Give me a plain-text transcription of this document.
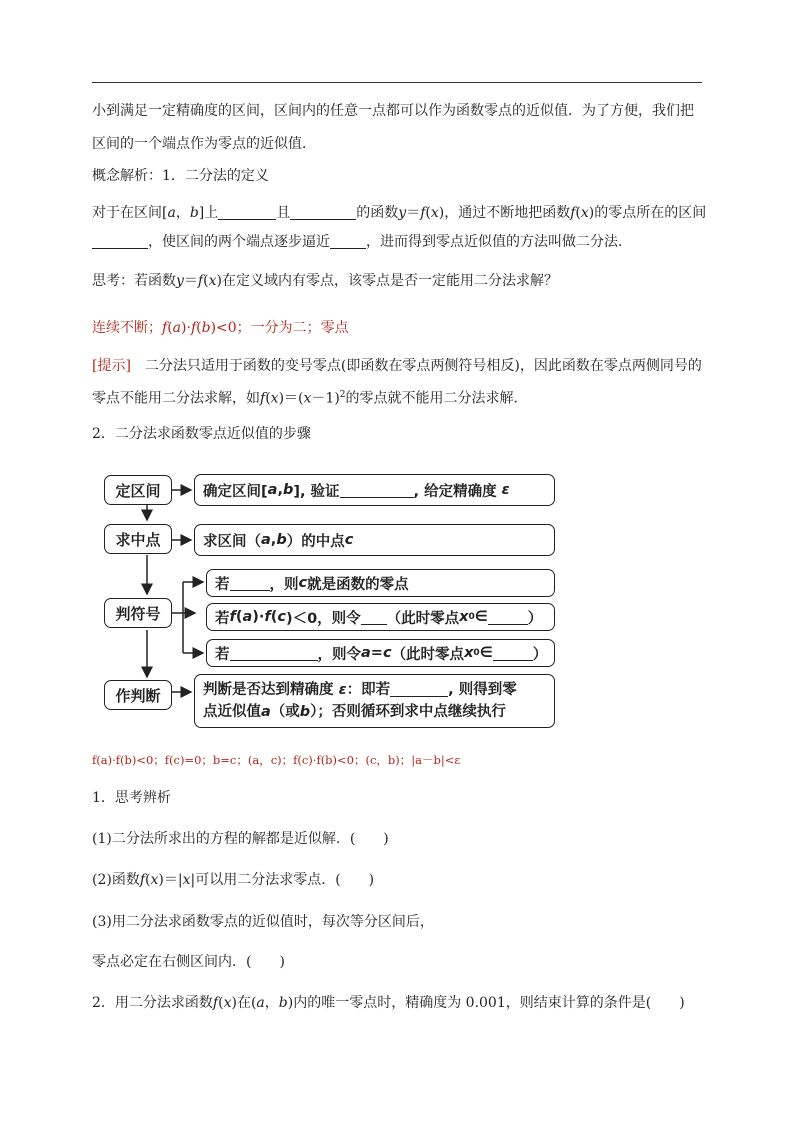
小到满足一定精确度的区间，区间内的任意一点都可以作为函数零点的近似值．为了方便，我们把
区间的一个端点作为零点的近似值．
概念解析：1．二分法的定义
对于在区间[a，b]上	且	的函数y＝f(x)，通过不断地把函数f(x)的零点所在的区间
，使区间的两个端点逐步逼近	，进而得到零点近似值的方法叫做二分法．
思考：若函数y＝f(x)在定义域内有零点，该零点是否一定能用二分法求解？
连续不断；f(a)·f(b)<0；一分为二；零点
[提示]　二分法只适用于函数的变号零点(即函数在零点两侧符号相反)，因此函数在零点两侧同号的
零点不能用二分法求解，如$f(x)=(x-1)^2$的零点就不能用二分法求解．
2．二分法求函数零点近似值的步骤
定区间
求中点
判符号
作判断
确定区间[ a , b ], 验证	, 给定精确度
ε
求区间（ a , b ）的中点 c
若	，则 c 就是函数的零点
若 f ( a )· f ( c )＜0，则令 （此时零点 x 0 ∈	）
若	，则令 a = c （此时零点 x 0 ∈	）
判断是否达到精确度 ε：即若	, 则得到零
点近似值a（或b）；否则循环到求中点继续执行
f(a)·f(b)<0；f(c)=0；b=c；(a，c)；f(c)·f(b)<0；(c，b)；|a－b|<ε
1．思考辨析
(1)二分法所求出的方程的解都是近似解．(　　)
(2)函数f(x)＝|x|可以用二分法求零点．(　　)
(3)用二分法求函数零点的近似值时，每次等分区间后，
零点必定在右侧区间内．(　　)
2．用二分法求函数f(x)在(a，b)内的唯一零点时，精确度为 0.001，则结束计算的条件是(　　)
